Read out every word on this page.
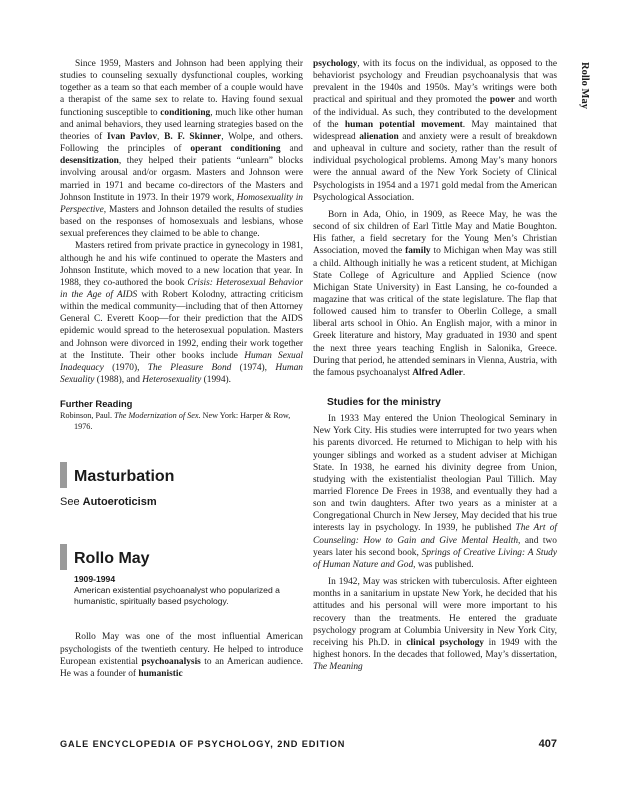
Rollo May

Since 1959, Masters and Johnson had been applying their studies to counseling sexually dysfunctional couples, working together as a team so that each member of a couple would have a therapist of the same sex to relate to. Having found sexual functioning susceptible to conditioning, much like other human and animal behaviors, they used learning strategies based on the theories of Ivan Pavlov, B. F. Skinner, Wolpe, and others. Following the principles of operant conditioning and desensitization, they helped their patients “unlearn” blocks involving arousal and/or orgasm. Masters and Johnson were married in 1971 and became co-directors of the Masters and Johnson Institute in 1973. In their 1979 work, Homosexuality in Perspective, Masters and Johnson detailed the results of studies based on the responses of homosexuals and lesbians, whose sexual preferences they claimed to be able to change.

Masters retired from private practice in gynecology in 1981, although he and his wife continued to operate the Masters and Johnson Institute, which moved to a new location that year. In 1988, they co-authored the book Crisis: Heterosexual Behavior in the Age of AIDS with Robert Kolodny, attracting criticism within the medical community—including that of then Attorney General C. Everett Koop—for their prediction that the AIDS epidemic would spread to the heterosexual population. Masters and Johnson were divorced in 1992, ending their work together at the Institute. Their other books include Human Sexual Inadequacy (1970), The Pleasure Bond (1974), Human Sexuality (1988), and Heterosexuality (1994).

Further Reading
Robinson, Paul. The Modernization of Sex. New York: Harper & Row, 1976.
Masturbation
See Autoeroticism
Rollo May
1909-1994
American existential psychoanalyst who popularized a humanistic, spiritually based psychology.

Rollo May was one of the most influential American psychologists of the twentieth century. He helped to introduce European existential psychoanalysis to an American audience. He was a founder of humanistic

psychology, with its focus on the individual, as opposed to the behaviorist psychology and Freudian psychoanalysis that was prevalent in the 1940s and 1950s. May’s writings were both practical and spiritual and they promoted the power and worth of the individual. As such, they contributed to the development of the human potential movement. May maintained that widespread alienation and anxiety were a result of breakdown and upheaval in culture and society, rather than the result of individual psychological problems. Among May’s many honors were the annual award of the New York Society of Clinical Psychologists in 1954 and a 1971 gold medal from the American Psychological Association.

Born in Ada, Ohio, in 1909, as Reece May, he was the second of six children of Earl Tittle May and Matie Boughton. His father, a field secretary for the Young Men’s Christian Association, moved the family to Michigan when May was still a child. Although initially he was a reticent student, at Michigan State College of Agriculture and Applied Science (now Michigan State University) in East Lansing, he co-founded a magazine that was critical of the state legislature. The flap that followed caused him to transfer to Oberlin College, a small liberal arts school in Ohio. An English major, with a minor in Greek literature and history, May graduated in 1930 and spent the next three years teaching English in Salonika, Greece. During that period, he attended seminars in Vienna, Austria, with the famous psychoanalyst Alfred Adler.

Studies for the ministry

In 1933 May entered the Union Theological Seminary in New York City. His studies were interrupted for two years when his parents divorced. He returned to Michigan to help with his younger siblings and worked as a student adviser at Michigan State. In 1938, he earned his divinity degree from Union, studying with the existentialist theologian Paul Tillich. May married Florence De Frees in 1938, and eventually they had a son and twin daughters. After two years as a minister at a Congregational Church in New Jersey, May decided that his true interests lay in psychology. In 1939, he published The Art of Counseling: How to Gain and Give Mental Health, and two years later his second book, Springs of Creative Living: A Study of Human Nature and God, was published.

In 1942, May was stricken with tuberculosis. After eighteen months in a sanitarium in upstate New York, he decided that his attitudes and his personal will were more important to his recovery than the treatments. He entered the graduate psychology program at Columbia University in New York City, receiving his Ph.D. in clinical psychology in 1949 with the highest honors. In the decades that followed, May’s dissertation, The Meaning

GALE ENCYCLOPEDIA OF PSYCHOLOGY, 2ND EDITION	407
